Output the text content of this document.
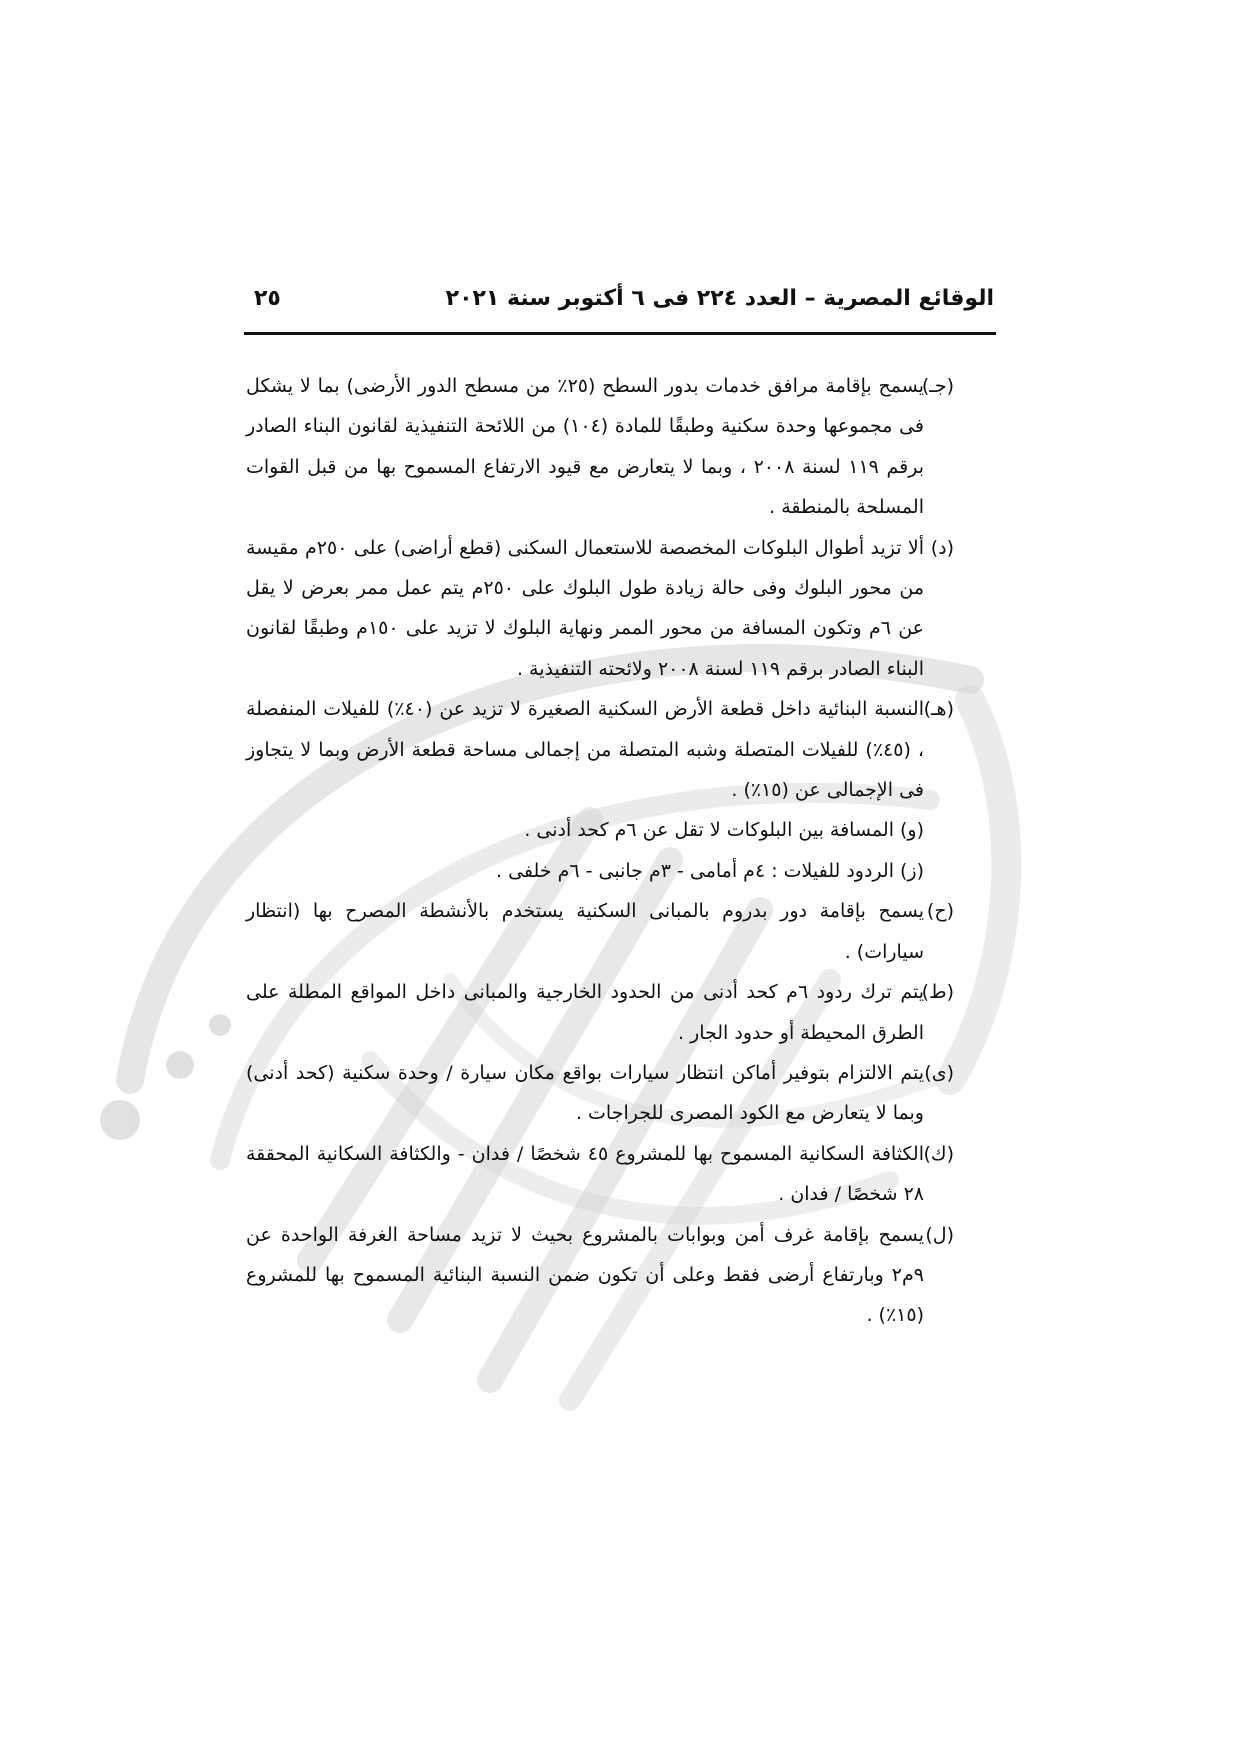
الوقائع المصرية – العدد ٢٢٤ فى ٦ أكتوبر سنة ٢٠٢١
٢٥
(جـ)
يسمح بإقامة مرافق خدمات بدور السطح (٢٥٪ من مسطح الدور الأرضى) بما لا يشكل فى مجموعها وحدة سكنية وطبقًا للمادة (١٠٤) من اللائحة التنفيذية لقانون البناء الصادر برقم ١١٩ لسنة ٢٠٠٨ ، وبما لا يتعارض مع قيود الارتفاع المسموح بها من قبل القوات المسلحة بالمنطقة .
(د)
ألا تزيد أطوال البلوكات المخصصة للاستعمال السكنى (قطع أراضى) على ٢٥٠م مقيسة من محور البلوك وفى حالة زيادة طول البلوك على ٢٥٠م يتم عمل ممر بعرض لا يقل عن ٦م وتكون المسافة من محور الممر ونهاية البلوك لا تزيد على ١٥٠م وطبقًا لقانون البناء الصادر برقم ١١٩ لسنة ٢٠٠٨ ولائحته التنفيذية .
(هـ)
النسبة البنائية داخل قطعة الأرض السكنية الصغيرة لا تزيد عن (٤٠٪) للفيلات المنفصلة ، (٤٥٪) للفيلات المتصلة وشبه المتصلة من إجمالى مساحة قطعة الأرض وبما لا يتجاوز فى الإجمالى عن (١٥٪) .
(و)المسافة بين البلوكات لا تقل عن ٦م كحد أدنى .
(ز)الردود للفيلات : ٤م أمامى - ٣م جانبى - ٦م خلفى .
(ح)
يسمح بإقامة دور بدروم بالمبانى السكنية يستخدم بالأنشطة المصرح بها (انتظار سيارات) .
(ط)
يتم ترك ردود ٦م كحد أدنى من الحدود الخارجية والمبانى داخل المواقع المطلة على الطرق المحيطة أو حدود الجار .
(ى)
يتم الالتزام بتوفير أماكن انتظار سيارات بواقع مكان سيارة / وحدة سكنية (كحد أدنى) وبما لا يتعارض مع الكود المصرى للجراجات .
(ك)
الكثافة السكانية المسموح بها للمشروع ٤٥ شخصًا / فدان - والكثافة السكانية المحققة ٢٨ شخصًا / فدان .
(ل)
يسمح بإقامة غرف أمن وبوابات بالمشروع بحيث لا تزيد مساحة الغرفة الواحدة عن ٩م٢ وبارتفاع أرضى فقط وعلى أن تكون ضمن النسبة البنائية المسموح بها للمشروع (١٥٪) .
